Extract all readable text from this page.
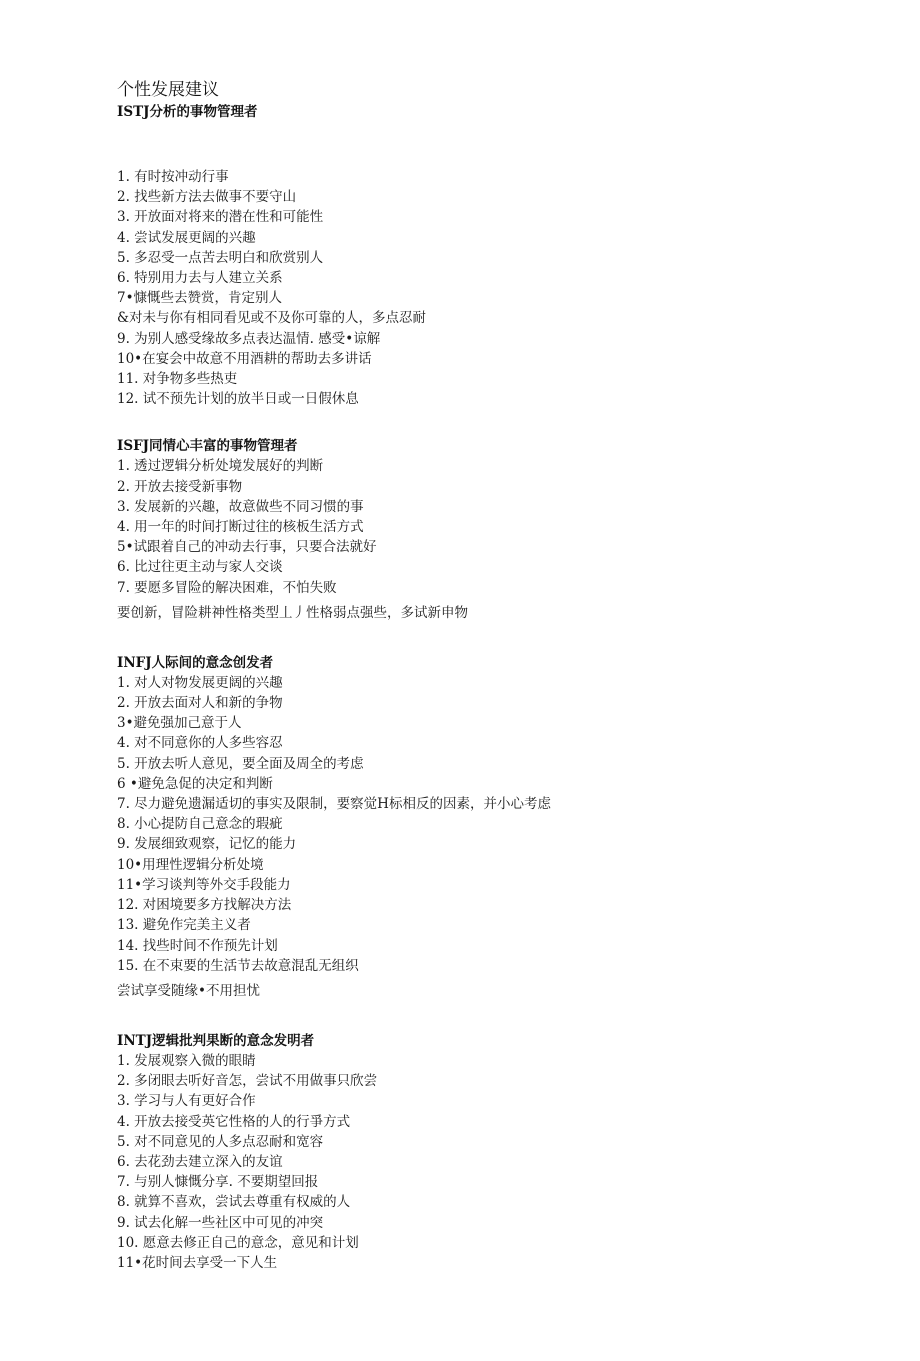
个性发展建议
ISTJ分析的事物管理者
1. 有时按冲动行事
2. 找些新方法去做事不要守山
3. 开放面对将来的潜在性和可能性
4. 尝试发展更阔的兴趣
5. 多忍受一点苦去明白和欣赏别人
6. 特别用力去与人建立关系
7•慷慨些去赞赏，肯定别人
&对未与你有相同看见或不及你可靠的人，多点忍耐
9. 为别人感受缘故多点表达温情. 感受•谅解
10•在宴会中故意不用酒耕的帮助去多讲话
11. 对争物多些热吏
12. 试不预先计划的放半日或一日假休息
ISFJ同情心丰富的事物管理者
1. 透过逻辑分析处境发展好的判断
2. 开放去接受新事物
3. 发展新的兴趣，故意做些不同习惯的事
4. 用一年的时间打断过往的核板生活方式
5•试跟着自己的冲动去行事，只要合法就好
6. 比过往更主动与家人交谈
7. 要愿多冒险的解决困难，不怕失败

要创新，冒险耕神性格类型丄丿性格弱点强些，多试新申物

INFJ人际间的意念创发者
1. 对人对物发展更阔的兴趣
2. 开放去面对人和新的争物
3•避免强加己意于人
4. 对不同意你的人多些容忍
5. 开放去听人意见，要全面及周全的考虑
6 •避免急促的决定和判断
7. 尽力避免遗漏适切的事实及限制，要察觉H标相反的因素，并小心考虑
8. 小心提防自己意念的瑕疵
9. 发展细致观察，记忆的能力
10•用理性逻辑分析处境
11•学习谈判等外交手段能力
12. 对困境要多方找解决方法
13. 避免作完美主义者
14. 找些时间不作预先计划
15. 在不束要的生活节去故意混乱无组织

尝试享受随缘•不用担忧

INTJ逻辑批判果断的意念发明者
1. 发展观察入微的眼睛
2. 多闭眼去听好音怎，尝试不用做事只欣尝
3. 学习与人有更好合作
4. 开放去接受英它性格的人的行爭方式
5. 对不同意见的人多点忍耐和宽容
6. 去花劲去建立深入的友谊
7. 与别人慷慨分享. 不要期望回报
8. 就算不喜欢，尝试去尊重有权威的人
9. 试去化解一些社区中可见的冲突
10. 愿意去修正自己的意念，意见和计划
11•花时间去享受一下人生
